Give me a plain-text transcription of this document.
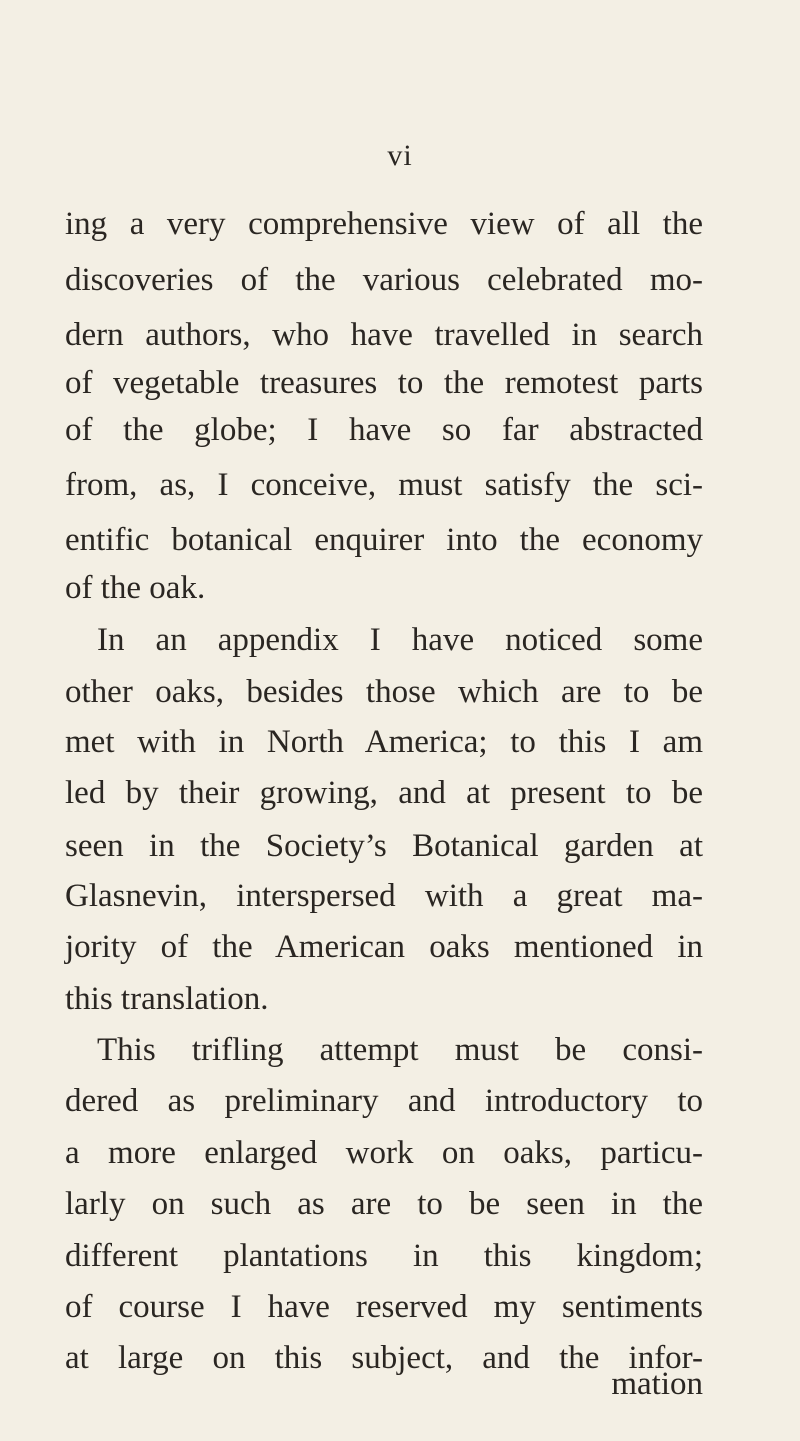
vi
ing a very comprehensive view of all the
discoveries of the various celebrated mo-
dern authors, who have travelled in search
of vegetable treasures to the remotest parts
of the globe; I have so far abstracted
from, as, I conceive, must satisfy the sci-
entific botanical enquirer into the economy
of the oak.
In an appendix I have noticed some
other oaks, besides those which are to be
met with in North America; to this I am
led by their growing, and at present to be
seen in the Society’s Botanical garden at
Glasnevin, interspersed with a great ma-
jority of the American oaks mentioned in
this translation.
This trifling attempt must be consi-
dered as preliminary and introductory to
a more enlarged work on oaks, particu-
larly on such as are to be seen in the
different plantations in this kingdom;
of course I have reserved my sentiments
at large on this subject, and the infor-
mation
